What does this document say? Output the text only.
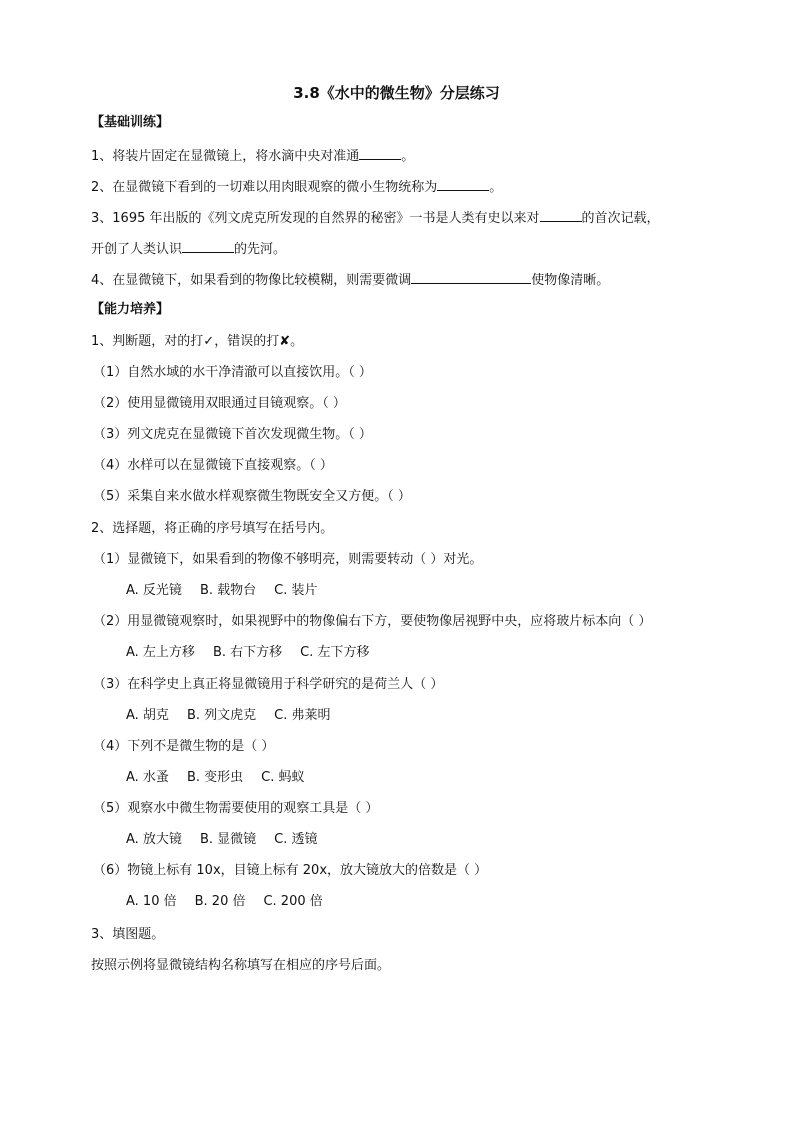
3.8《水中的微生物》分层练习
【基础训练】
1、将装片固定在显微镜上，将水滴中央对准通	。
2、在显微镜下看到的一切难以用肉眼观察的微小生物统称为	。
3、1695 年出版的《列文虎克所发现的自然界的秘密》一书是人类有史以来对	的首次记载，
开创了人类认识	的先河。
4、在显微镜下，如果看到的物像比较模糊，则需要微调	使物像清晰。
【能力培养】
1、判断题，对的打✓，错误的打✘。
（1）自然水域的水干净清澈可以直接饮用。（ ）
（2）使用显微镜用双眼通过目镜观察。（ ）
（3）列文虎克在显微镜下首次发现微生物。（ ）
（4）水样可以在显微镜下直接观察。（ ）
（5）采集自来水做水样观察微生物既安全又方便。（ ）
2、选择题，将正确的序号填写在括号内。
（1）显微镜下，如果看到的物像不够明亮，则需要转动（ ）对光。
A. 反光镜 B. 载物台 C. 装片
（2）用显微镜观察时，如果视野中的物像偏右下方，要使物像居视野中央，应将玻片标本向（ ）
A. 左上方移 B. 右下方移 C. 左下方移
（3）在科学史上真正将显微镜用于科学研究的是荷兰人（ ）
A. 胡克 B. 列文虎克 C. 弗莱明
（4）下列不是微生物的是（ ）
A. 水蚤 B. 变形虫 C. 蚂蚁
（5）观察水中微生物需要使用的观察工具是（ ）
A. 放大镜 B. 显微镜 C. 透镜
（6）物镜上标有 10x，目镜上标有 20x，放大镜放大的倍数是（ ）
A. 10 倍 B. 20 倍 C. 200 倍
3、填图题。
按照示例将显微镜结构名称填写在相应的序号后面。
